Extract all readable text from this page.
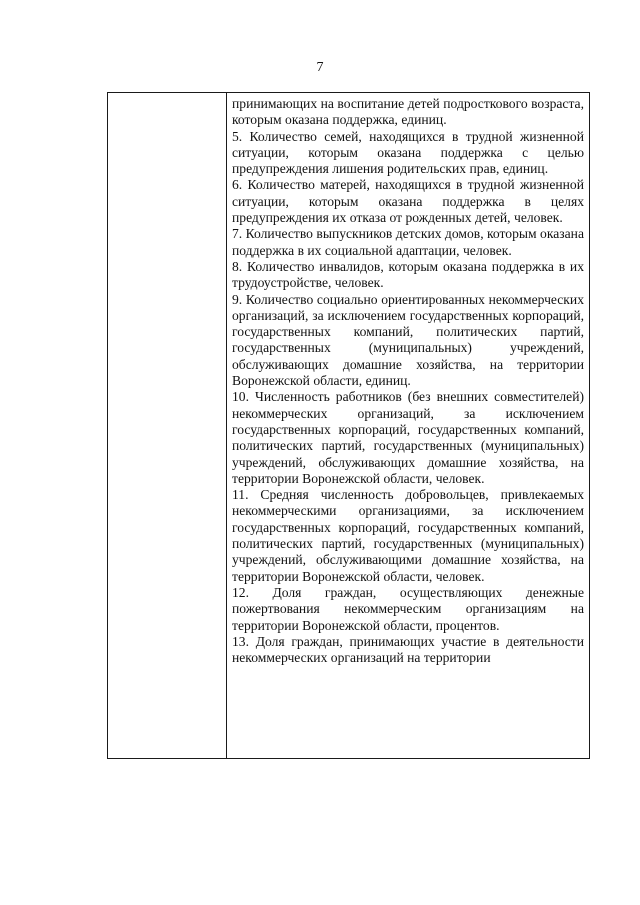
7

принимающих на воспитание детей подросткового возраста, которым оказана поддержка, единиц.

5. Количество семей, находящихся в трудной жизненной ситуации, которым оказана поддержка с целью предупреждения лишения родительских прав, единиц.

6. Количество матерей, находящихся в трудной жизненной ситуации, которым оказана поддержка в целях предупреждения их отказа от рожденных детей, человек.

7. Количество выпускников детских домов, которым оказана поддержка в их социальной адаптации, человек.

8. Количество инвалидов, которым оказана поддержка в их трудоустройстве, человек.

9. Количество социально ориентированных некоммерческих организаций, за исключением государственных корпораций, государственных компаний, политических партий, государственных (муниципальных) учреждений, обслуживающих домашние хозяйства, на территории Воронежской области, единиц.

10. Численность работников (без внешних совместителей) некоммерческих организаций, за исключением государственных корпораций, государственных компаний, политических партий, государственных (муниципальных) учреждений, обслуживающих домашние хозяйства, на территории Воронежской области, человек.

11. Средняя численность добровольцев, привлекаемых некоммерческими организациями, за исключением государственных корпораций, государственных компаний, политических партий, государственных (муниципальных) учреждений, обслуживающими домашние хозяйства, на территории Воронежской области, человек.

12. Доля граждан, осуществляющих денежные пожертвования некоммерческим организациям на территории Воронежской области, процентов.

13. Доля граждан, принимающих участие в деятельности некоммерческих организаций на территории
